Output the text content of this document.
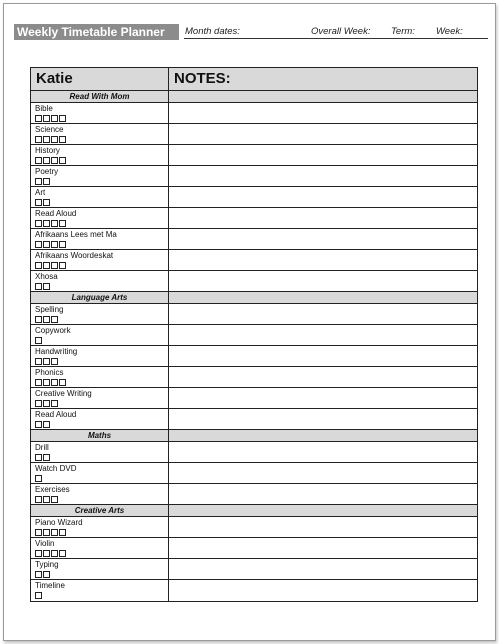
Weekly Timetable Planner	Month dates:	Overall Week: Term: Week:
Katie	NOTES:
Read With Mom
Bible
Science
History
Poetry
Art
Read Aloud
Afrikaans Lees met Ma
Afrikaans Woordeskat
Xhosa
Language Arts
Spelling
Copywork
Handwriting
Phonics
Creative Writing
Read Aloud
Maths
Drill
Watch DVD
Exercises
Creative Arts
Piano Wizard
Violin
Typing
Timeline
